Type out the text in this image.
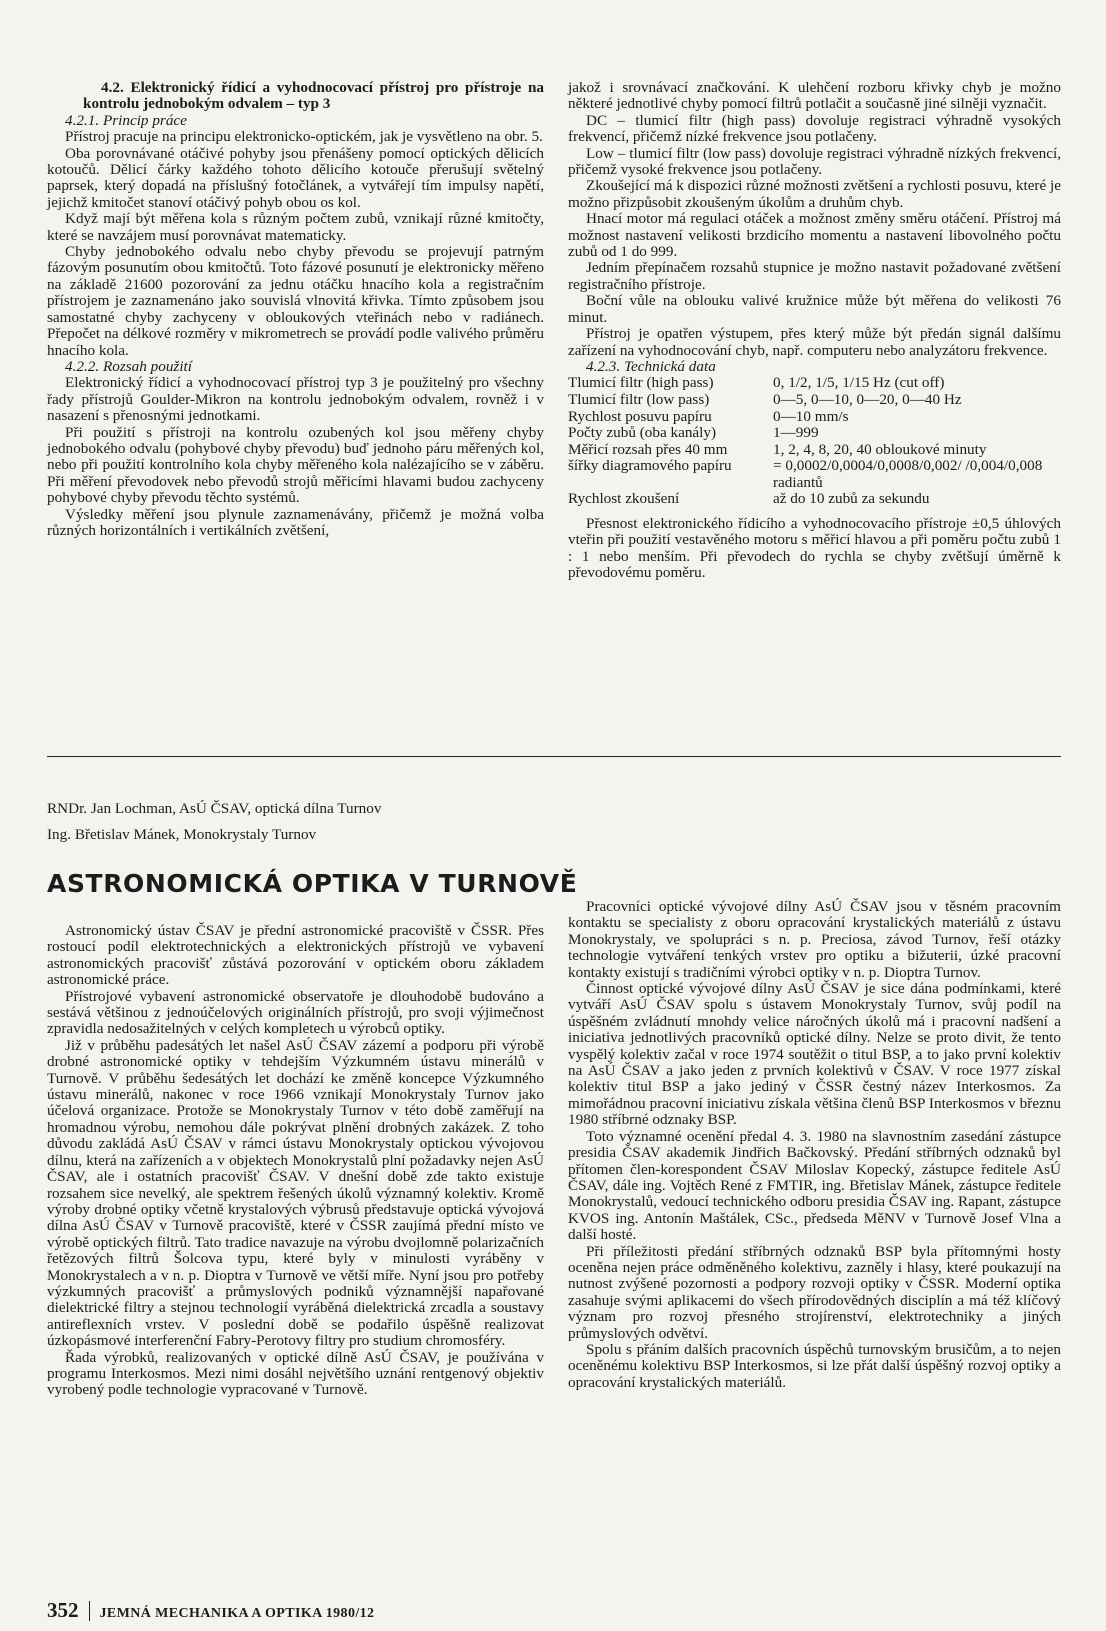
4.2. Elektronický řídicí a vyhodnocovací přístroj pro přístroje na kontrolu jednobokým odvalem – typ 3

4.2.1. Princip práce

Přístroj pracuje na principu elektronicko-optickém, jak je vysvětleno na obr. 5.

Oba porovnávané otáčivé pohyby jsou přenášeny pomocí optických dělicích kotoučů. Dělicí čárky každého tohoto dělicího kotouče přerušují světelný paprsek, který dopadá na příslušný fotočlánek, a vytvářejí tím impulsy napětí, jejichž kmitočet stanoví otáčivý pohyb obou os kol.

Když mají být měřena kola s různým počtem zubů, vznikají různé kmitočty, které se navzájem musí porovnávat matematicky.

Chyby jednobokého odvalu nebo chyby převodu se projevují patrným fázovým posunutím obou kmitočtů. Toto fázové posunutí je elektronicky měřeno na základě 21600 pozorování za jednu otáčku hnacího kola a registračním přístrojem je zaznamenáno jako souvislá vlnovitá křivka. Tímto způsobem jsou samostatné chyby zachyceny v obloukových vteřinách nebo v radiánech. Přepočet na délkové rozměry v mikrometrech se provádí podle valivého průměru hnacího kola.

4.2.2. Rozsah použití

Elektronický řídicí a vyhodnocovací přístroj typ 3 je použitelný pro všechny řady přístrojů Goulder-Mikron na kontrolu jednobokým odvalem, rovněž i v nasazení s přenosnými jednotkami.

Při použití s přístroji na kontrolu ozubených kol jsou měřeny chyby jednobokého odvalu (pohybové chyby převodu) buď jednoho páru měřených kol, nebo při použití kontrolního kola chyby měřeného kola nalézajícího se v záběru. Při měření převodovek nebo převodů strojů měřicími hlavami budou zachyceny pohybové chyby převodu těchto systémů.

Výsledky měření jsou plynule zaznamenávány, přičemž je možná volba různých horizontálních i vertikálních zvětšení,

jakož i srovnávací značkování. K ulehčení rozboru křivky chyb je možno některé jednotlivé chyby pomocí filtrů potlačit a současně jiné silněji vyznačit.

DC – tlumicí filtr (high pass) dovoluje registraci výhradně vysokých frekvencí, přičemž nízké frekvence jsou potlačeny.

Low – tlumicí filtr (low pass) dovoluje registraci výhradně nízkých frekvencí, přičemž vysoké frekvence jsou potlačeny.

Zkoušející má k dispozici různé možnosti zvětšení a rychlosti posuvu, které je možno přizpůsobit zkoušeným úkolům a druhům chyb.

Hnací motor má regulaci otáček a možnost změny směru otáčení. Přístroj má možnost nastavení velikosti brzdicího momentu a nastavení libovolného počtu zubů od 1 do 999.

Jedním přepínačem rozsahů stupnice je možno nastavit požadované zvětšení registračního přístroje.

Boční vůle na oblouku valivé kružnice může být měřena do velikosti 76 minut.

Přístroj je opatřen výstupem, přes který může být předán signál dalšímu zařízení na vyhodnocování chyb, např. computeru nebo analyzátoru frekvence.

4.2.3. Technická data

Tlumicí filtr (high pass)	0, 1/2, 1/5, 1/15 Hz (cut off)
Tlumicí filtr (low pass)	0—5, 0—10, 0—20, 0—40 Hz
Rychlost posuvu papíru	0—10 mm/s
Počty zubů (oba kanály)	1—999
Měřicí rozsah přes 40 mm	1, 2, 4, 8, 20, 40 obloukové minuty
šířky diagramového papíru	= 0,0002/0,0004/0,0008/0,002/ /0,004/0,008 radiantů
Rychlost zkoušení	až do 10 zubů za sekundu

Přesnost elektronického řídicího a vyhodnocovacího přístroje ±0,5 úhlových vteřin při použití vestavěného motoru s měřicí hlavou a při poměru počtu zubů 1 : 1 nebo menším. Při převodech do rychla se chyby zvětšují úměrně k převodovému poměru.

RNDr. Jan Lochman, AsÚ ČSAV, optická dílna Turnov
Ing. Břetislav Mánek, Monokrystaly Turnov
ASTRONOMICKÁ OPTIKA V TURNOVĚ

Astronomický ústav ČSAV je přední astronomické pracoviště v ČSSR. Přes rostoucí podíl elektrotechnických a elektronických přístrojů ve vybavení astronomických pracovišť zůstává pozorování v optickém oboru základem astronomické práce.

Přístrojové vybavení astronomické observatoře je dlouhodobě budováno a sestává většinou z jednoúčelových originálních přístrojů, pro svoji výjimečnost zpravidla nedosažitelných v celých kompletech u výrobců optiky.

Již v průběhu padesátých let našel AsÚ ČSAV zázemí a podporu při výrobě drobné astronomické optiky v tehdejším Výzkumném ústavu minerálů v Turnově. V průběhu šedesátých let dochází ke změně koncepce Výzkumného ústavu minerálů, nakonec v roce 1966 vznikají Monokrystaly Turnov jako účelová organizace. Protože se Monokrystaly Turnov v této době zaměřují na hromadnou výrobu, nemohou dále pokrývat plnění drobných zakázek. Z toho důvodu zakládá AsÚ ČSAV v rámci ústavu Monokrystaly optickou vývojovou dílnu, která na zařízeních a v objektech Monokrystalů plní požadavky nejen AsÚ ČSAV, ale i ostatních pracovišť ČSAV. V dnešní době zde takto existuje rozsahem sice nevelký, ale spektrem řešených úkolů významný kolektiv. Kromě výroby drobné optiky včetně krystalových výbrusů představuje optická vývojová dílna AsÚ ČSAV v Turnově pracoviště, které v ČSSR zaujímá přední místo ve výrobě optických filtrů. Tato tradice navazuje na výrobu dvojlomně polarizačních řetězových filtrů Šolcova typu, které byly v minulosti vyráběny v Monokrystalech a v n. p. Dioptra v Turnově ve větší míře. Nyní jsou pro potřeby výzkumných pracovišť a průmyslových podniků významnější napařované dielektrické filtry a stejnou technologií vyráběná dielektrická zrcadla a soustavy antireflexních vrstev. V poslední době se podařilo úspěšně realizovat úzkopásmové interferenční Fabry-Perotovy filtry pro studium chromosféry.

Řada výrobků, realizovaných v optické dílně AsÚ ČSAV, je používána v programu Interkosmos. Mezi nimi dosáhl největšího uznání rentgenový objektiv vyrobený podle technologie vypracované v Turnově.

Pracovníci optické vývojové dílny AsÚ ČSAV jsou v těsném pracovním kontaktu se specialisty z oboru opracování krystalických materiálů z ústavu Monokrystaly, ve spolupráci s n. p. Preciosa, závod Turnov, řeší otázky technologie vytváření tenkých vrstev pro optiku a bižuterii, úzké pracovní kontakty existují s tradičními výrobci optiky v n. p. Dioptra Turnov.

Činnost optické vývojové dílny AsÚ ČSAV je sice dána podmínkami, které vytváří AsÚ ČSAV spolu s ústavem Monokrystaly Turnov, svůj podíl na úspěšném zvládnutí mnohdy velice náročných úkolů má i pracovní nadšení a iniciativa jednotlivých pracovníků optické dílny. Nelze se proto divit, že tento vyspělý kolektiv začal v roce 1974 soutěžit o titul BSP, a to jako první kolektiv na AsÚ ČSAV a jako jeden z prvních kolektivů v ČSAV. V roce 1977 získal kolektiv titul BSP a jako jediný v ČSSR čestný název Interkosmos. Za mimořádnou pracovní iniciativu získala většina členů BSP Interkosmos v březnu 1980 stříbrné odznaky BSP.

Toto významné ocenění předal 4. 3. 1980 na slavnostním zasedání zástupce presidia ČSAV akademik Jindřich Bačkovský. Předání stříbrných odznaků byl přítomen člen-korespondent ČSAV Miloslav Kopecký, zástupce ředitele AsÚ ČSAV, dále ing. Vojtěch René z FMTIR, ing. Břetislav Mánek, zástupce ředitele Monokrystalů, vedoucí technického odboru presidia ČSAV ing. Rapant, zástupce KVOS ing. Antonín Maštálek, CSc., předseda MěNV v Turnově Josef Vlna a další hosté.

Při příležitosti předání stříbrných odznaků BSP byla přítomnými hosty oceněna nejen práce odměněného kolektivu, zazněly i hlasy, které poukazují na nutnost zvýšené pozornosti a podpory rozvoji optiky v ČSSR. Moderní optika zasahuje svými aplikacemi do všech přírodovědných disciplín a má též klíčový význam pro rozvoj přesného strojírenství, elektrotechniky a jiných průmyslových odvětví.

Spolu s přáním dalších pracovních úspěchů turnovským brusičům, a to nejen oceněnému kolektivu BSP Interkosmos, si lze přát další úspěšný rozvoj optiky a opracování krystalických materiálů.

352 JEMNÁ MECHANIKA A OPTIKA 1980/12
